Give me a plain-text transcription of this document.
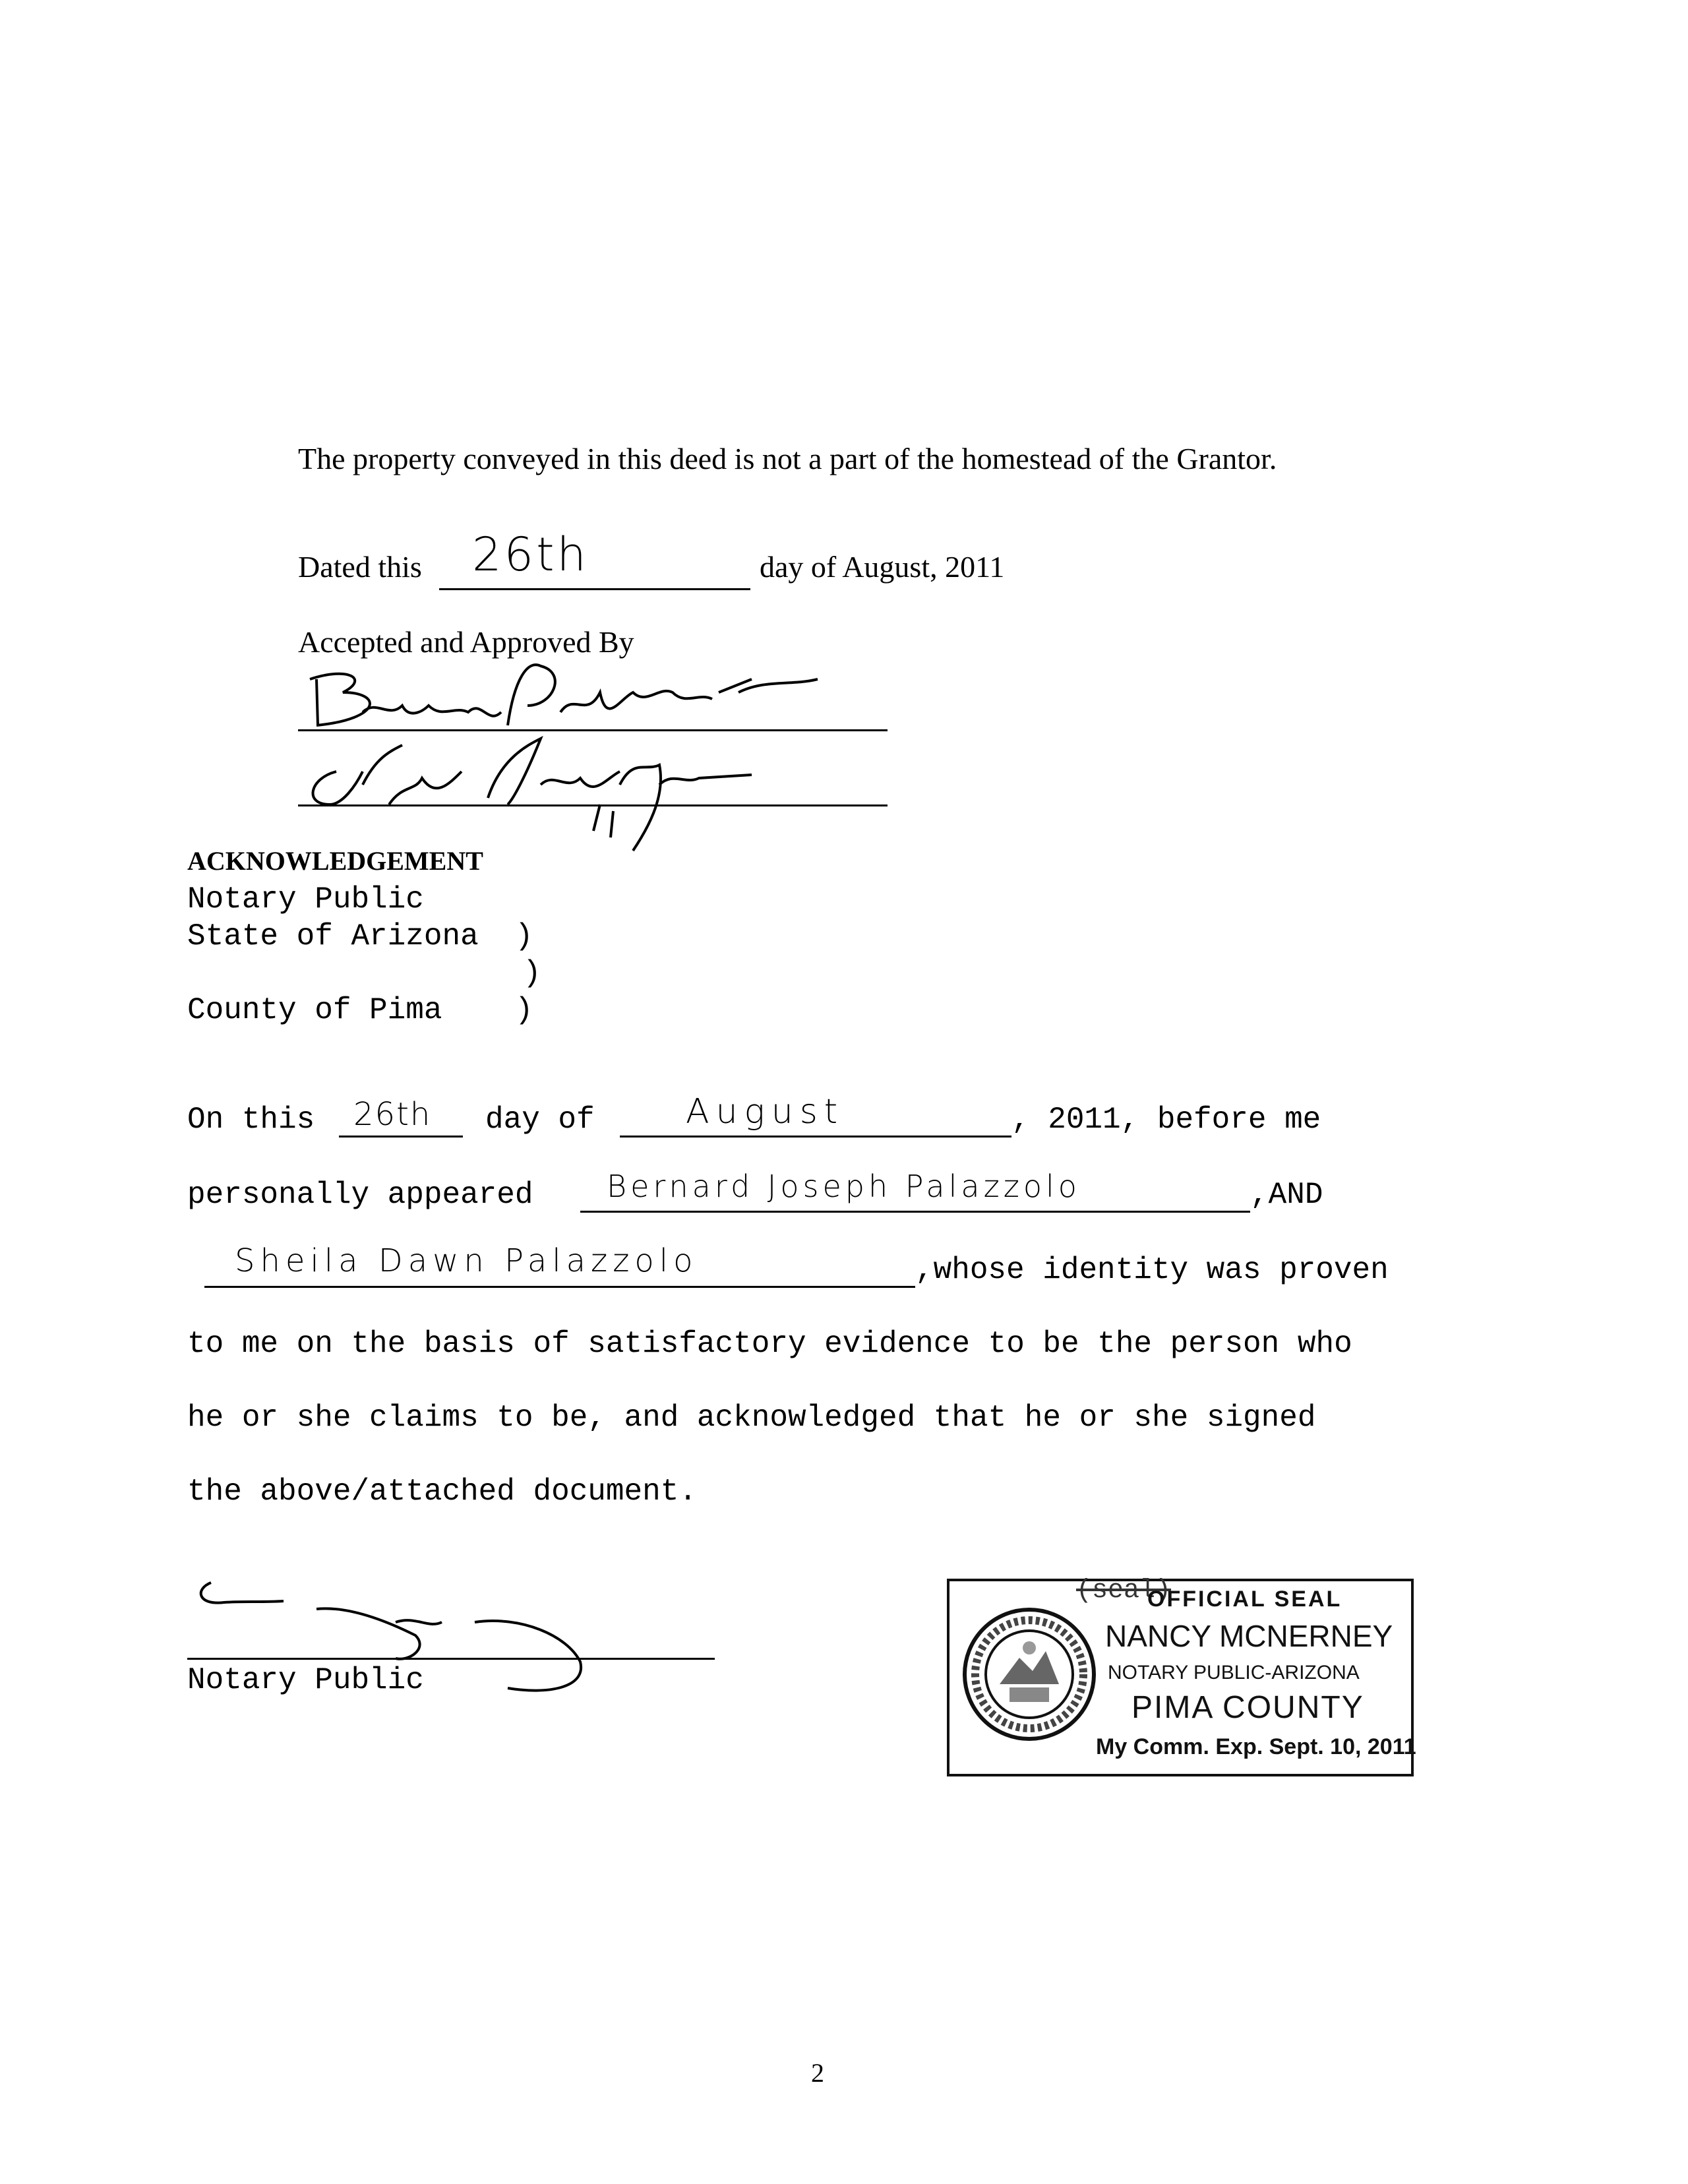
The property conveyed in this deed is not a part of the homestead of the Grantor.
Dated this 26th	day of August, 2011
Accepted and Approved By
ACKNOWLEDGEMENT
Notary Public
State of Arizona  )
)
County of Pima    )
On this 26th day of	August	, 2011, before me
personally appeared Bernard Joseph Palazzolo	,AND
Sheila Dawn Palazzolo	,whose identity was proven
to me on the basis of satisfactory evidence to be the person who
he or she claims to be, and acknowledged that he or she signed
the above/attached document.
Notary Public
(seal)
OFFICIAL SEAL
NANCY MCNERNEY
NOTARY PUBLIC-ARIZONA
PIMA COUNTY
My Comm. Exp. Sept. 10, 2011
2
